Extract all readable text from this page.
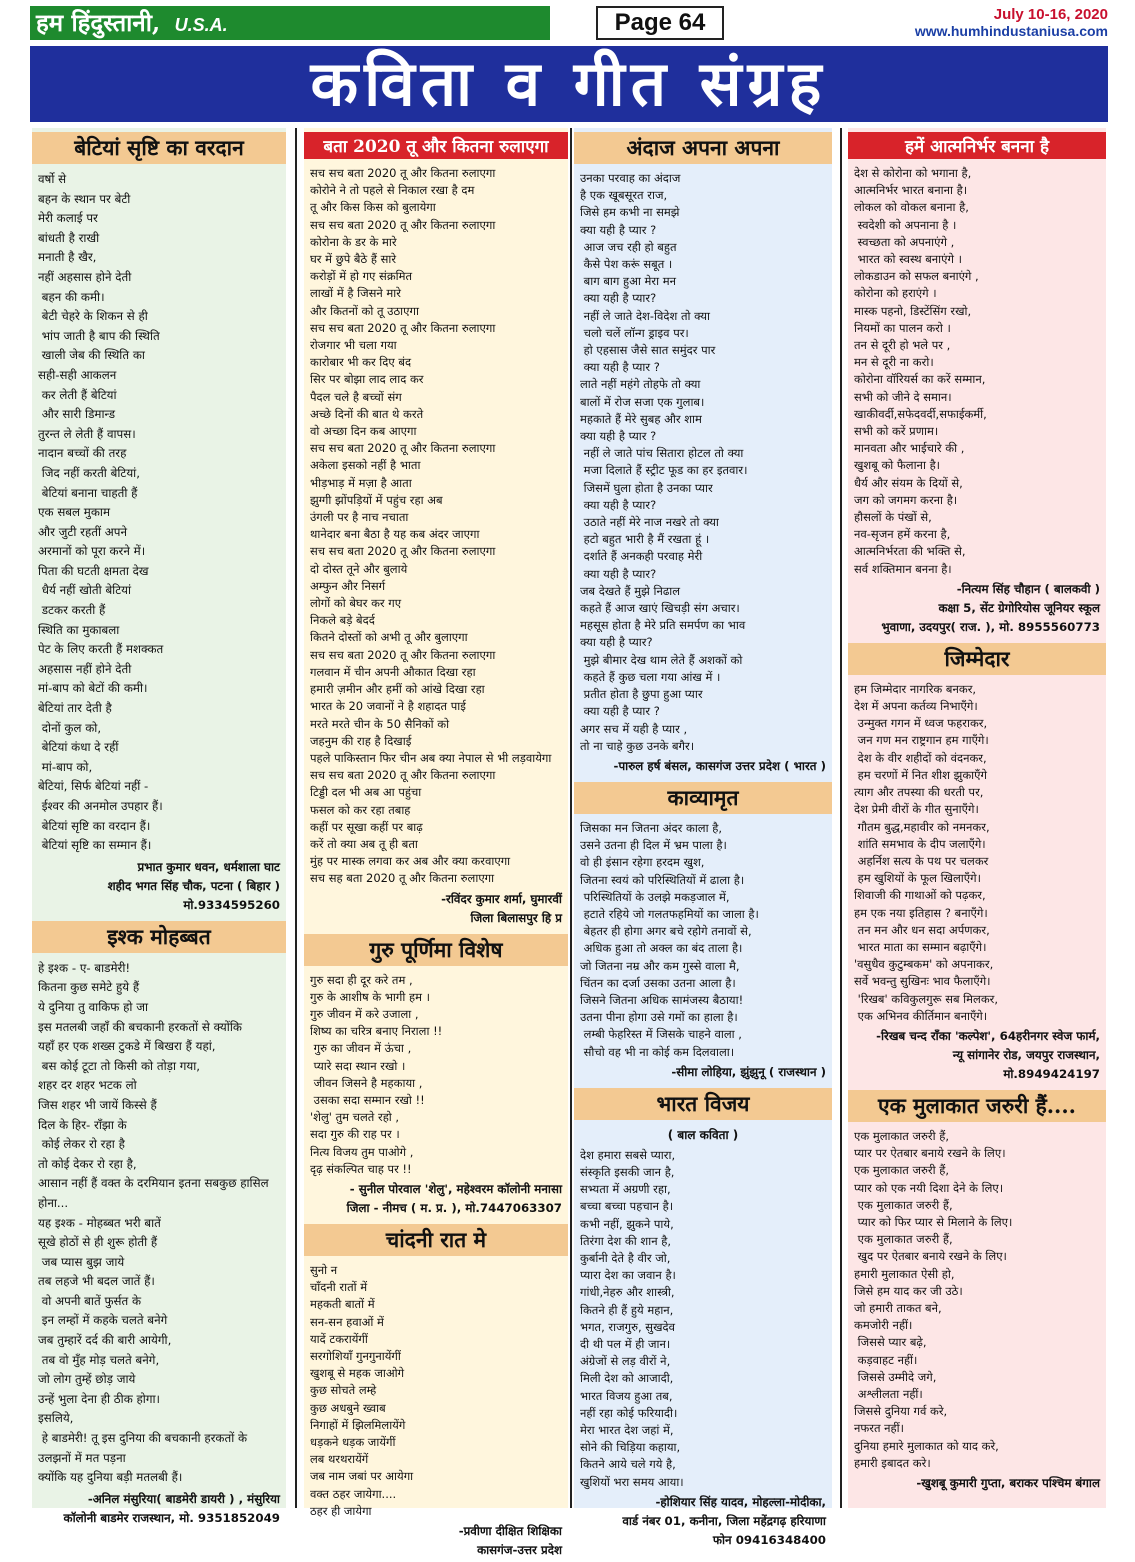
हम हिंदुस्तानी, U.S.A.	Page 64	July 10-16, 2020
www.humhindustaniusa.com
कविता व गीत संग्रह
बेटियां सृष्टि का वरदान
वर्षो से
बहन के स्थान पर बेटी
मेरी कलाई पर
बांधती है राखी
मनाती है खैर,
नहीं अहसास होने देती
बहन की कमी।
बेटी चेहरे के शिकन से ही
भांप जाती है बाप की स्थिति
खाली जेब की स्थिति का
सही-सही आकलन
कर लेती हैं बेटियां
और सारी डिमान्ड
तुरन्त ले लेती हैं वापस।
नादान बच्चों की तरह
जिद नहीं करती बेटियां,
बेटियां बनाना चाहती हैं
एक सबल मुकाम
और जुटी रहतीं अपने
अरमानों को पूरा करने में।
पिता की घटती क्षमता देख
धैर्य नहीं खोती बेटियां
डटकर करती हैं
स्थिति का मुकाबला
पेट के लिए करती हैं मशक्कत
अहसास नहीं होने देती
मां-बाप को बेटों की कमी।
बेटियां तार देती है
दोनों कुल को,
बेटियां कंधा दे रहीं
मां-बाप को,
बेटियां, सिर्फ बेटियां नहीं -
ईश्वर की अनमोल उपहार हैं।
बेटियां सृष्टि का वरदान हैं।
बेटियां सृष्टि का सम्मान हैं।
प्रभात कुमार धवन, धर्मशाला घाट
शहीद भगत सिंह चौक, पटना ( बिहार )
मो.9334595260
इश्क मोहब्बत
हे इश्क - ए- बाडमेरी!
कितना कुछ समेटे हुये हैं
ये दुनिया तु वाकिफ हो जा
इस मतलबी जहाँ की बचकानी हरकतों से क्योंकि
यहाँ हर एक शख्स टुकडे में बिखरा हैं यहां,
बस कोई टूटा तो किसी को तोड़ा गया,
शहर दर शहर भटक लो
जिस शहर भी जायें किस्से हैं
दिल के हिर- राँझा के
कोई लेकर रो रहा है
तो कोई देकर रो रहा है,
आसान नहीं हैं वक्त के दरमियान इतना सबकुछ हासिल होना...
यह इश्क - मोहब्बत भरी बातें
सूखे होठों से ही शुरू होती हैं
जब प्यास बुझ जाये
तब लहजे भी बदल जातें हैं।
वो अपनी बातें फुर्सत के
इन लम्हों में कहके चलते बनेगे
जब तुम्हारें दर्द की बारी आयेगी,
तब वो मुँह मोड़ चलते बनेगे,
जो लोग तुम्हें छोड़ जाये
उन्हें भुला देना ही ठीक होगा।
इसलिये,
हे बाडमेरी! तू इस दुनिया की बचकानी हरकतों के
उलझनों में मत पड़ना
क्योंकि यह दुनिया बड़ी मतलबी हैं।
-अनिल मंसुरिया( बाडमेरी डायरी ) , मंसुरिया
कॉलोनी बाडमेर राजस्थान, मो. 9351852049
बता 2020 तू और कितना रुलाएगा
सच सच बता 2020 तू और कितना रुलाएगा
कोरोने ने तो पहले से निकाल रखा है दम
तू और किस किस को बुलायेगा
सच सच बता 2020 तू और कितना रुलाएगा
कोरोना के डर के मारे
घर में छुपे बैठे हैं सारे
करोड़ों में हो गए संक्रमित
लाखों में है जिसने मारे
और कितनों को तू उठाएगा
सच सच बता 2020 तू और कितना रुलाएगा
रोजगार भी चला गया
कारोबार भी कर दिए बंद
सिर पर बोझा लाद लाद कर
पैदल चले है बच्चों संग
अच्छे दिनों की बात थे करते
वो अच्छा दिन कब आएगा
सच सच बता 2020 तू और कितना रुलाएगा
अकेला इसको नहीं है भाता
भीड़भाड़ में मज़ा है आता
झुग्गी झोंपड़ियों में पहुंच रहा अब
उंगली पर है नाच नचाता
थानेदार बना बैठा है यह कब अंदर जाएगा
सच सच बता 2020 तू और कितना रुलाएगा
दो दोस्त तूने और बुलाये
अम्फुन और निसर्ग
लोगों को बेघर कर गए
निकले बड़े बेदर्द
कितने दोस्तों को अभी तू और बुलाएगा
सच सच बता 2020 तू और कितना रुलाएगा
गलवान में चीन अपनी औकात दिखा रहा
हमारी ज़मीन और हमीं को आंखे दिखा रहा
भारत के 20 जवानों ने है शहादत पाई
मरते मरते चीन के 50 सैनिकों को
जहनुम की राह है दिखाई
पहले पाकिस्तान फिर चीन अब क्या नेपाल से भी लड़वायेगा
सच सच बता 2020 तू और कितना रुलाएगा
टिड्डी दल भी अब आ पहुंचा
फसल को कर रहा तबाह
कहीं पर सूखा कहीं पर बाढ़
करें तो क्या अब तू ही बता
मुंह पर मास्क लगवा कर अब और क्या करवाएगा
सच सह बता 2020 तू और कितना रुलाएगा
-रविंदर कुमार शर्मा, घुमारवीं
जिला बिलासपुर हि प्र
गुरु पूर्णिमा विशेष
गुरु सदा ही दूर करे तम ,
गुरु के आशीष के भागी हम ।
गुरु जीवन में करे उजाला ,
शिष्य का चरित्र बनाए निराला !!
गुरु का जीवन में ऊंचा ,
प्यारे सदा स्थान रखो ।
जीवन जिसने है महकाया ,
उसका सदा सम्मान रखो !!
'शेलु' तुम चलते रहो ,
सदा गुरु की राह पर ।
नित्य विजय तुम पाओगे ,
दृढ़ संकल्पित चाह पर !!
- सुनील पोरवाल 'शेलु', महेश्वरम कॉलोनी मनासा
जिला - नीमच ( म. प्र. ), मो.7447063307
चांदनी रात मे
सुनो न
चाँदनी रातों में
महकती बातों में
सन-सन हवाओं में
यादें टकरायेंगीं
सरगोशियाँ गुनगुनायेंगीं
खुशबू से महक जाओगे
कुछ सोचते लम्हे
कुछ अधबुने ख्वाब
निगाहों में झिलमिलायेंगे
धड़कने धड़क जायेंगीं
लब थरथरायेंगें
जब नाम जबां पर आयेगा
वक्त ठहर जायेगा....
ठहर ही जायेगा
-प्रवीणा दीक्षित शिक्षिका
कासगंज-उत्तर प्रदेश
अंदाज अपना अपना
उनका परवाह का अंदाज
है एक खूबसूरत राज,
जिसे हम कभी ना समझे
क्या यही है प्यार ?
आज जच रही हो बहुत
कैसे पेश करूं सबूत ।
बाग बाग हुआ मेरा मन
क्या यही है प्यार?
नहीं ले जाते देश-विदेश तो क्या
चलो चलें लॉन्ग ड्राइव पर।
हो एहसास जैसे सात समुंदर पार
क्या यही है प्यार ?
लाते नहीं महंगे तोहफे तो क्या
बालों में रोज सजा एक गुलाब।
महकाते हैं मेरे सुबह और शाम
क्या यही है प्यार ?
नहीं ले जाते पांच सितारा होटल तो क्या
मजा दिलाते हैं स्ट्रीट फूड का हर इतवार।
जिसमें घुला होता है उनका प्यार
क्या यही है प्यार?
उठाते नहीं मेरे नाज नखरे तो क्या
हटो बहुत भारी है मैं रखता हूं ।
दर्शाते हैं अनकही परवाह मेरी
क्या यही है प्यार?
जब देखते हैं मुझे निढाल
कहते हैं आज खाएं खिचड़ी संग अचार।
महसूस होता है मेरे प्रति समर्पण का भाव
क्या यही है प्यार?
मुझे बीमार देख थाम लेते हैं अशकों को
कहते हैं कुछ चला गया आंख में ।
प्रतीत होता है छुपा हुआ प्यार
क्या यही है प्यार ?
अगर सच में यही है प्यार ,
तो ना चाहे कुछ उनके बगैर।
-पारुल हर्ष बंसल, कासगंज उत्तर प्रदेश ( भारत )
काव्यामृत
जिसका मन जितना अंदर काला है,
उसने उतना ही दिल में भ्रम पाला है।
वो ही इंसान रहेगा हरदम खुश,
जितना स्वयं को परिस्थितियों में ढाला है।
परिस्थितियों के उलझे मकड़जाल में,
हटाते रहिये जो गलतफहमियों का जाला है।
बेहतर ही होगा अगर बचे रहोगे तनावों से,
अधिक हुआ तो अक्ल का बंद ताला है।
जो जितना नम्र और कम गुस्से वाला मै,
चिंतन का दर्जा उसका उतना आला है।
जिसने जितना अधिक सामंजस्य बैठाया!
उतना पीना होगा उसे गमों का हाला है।
लम्बी फेहरिस्त में जिसके चाहने वाला ,
सौचो वह भी ना कोई कम दिलवाला।
-सीमा लोहिया, झुंझुनू ( राजस्थान )
भारत विजय
( बाल कविता )
देश हमारा सबसे प्यारा,
संस्कृति इसकी जान है,
सभ्यता में अग्रणी रहा,
बच्चा बच्चा पहचान है।
कभी नहीं, झुकने पाये,
तिरंगा देश की शान है,
कुर्बानी देते है वीर जो,
प्यारा देश का जवान है।
गांधी,नेहरु और शास्त्री,
कितने ही हैं हुये महान,
भगत, राजगुरु, सुखदेव
दी थी पल में ही जान।
अंग्रेजों से लड़ वीरों ने,
मिली देश को आजादी,
भारत विजय हुआ तब,
नहीं रहा कोई फरियादी।
मेरा भारत देश जहां में,
सोने की चिड़िया कहाया,
कितने आये चले गये है,
खुशियों भरा समय आया।
-होशियार सिंह यादव, मोहल्ला-मोदीका,
वार्ड नंबर 01, कनीना, जिला महेंद्रगढ़ हरियाणा
फोन 09416348400
हमें आत्मनिर्भर बनना है
देश से कोरोना को भगाना है,
आत्मनिर्भर भारत बनाना है।
लोकल को वोकल बनाना है,
स्वदेशी को अपनाना है ।
स्वच्छता को अपनाएंगे ,
भारत को स्वस्थ बनाएंगे ।
लोकडाउन को सफल बनाएंगे ,
कोरोना को हराएंगे ।
मास्क पहनो, डिस्टेंसिंग रखो,
नियमों का पालन करो ।
तन से दूरी हो भले पर ,
मन से दूरी ना करो।
कोरोना वॉरियर्स का करें सम्मान,
सभी को जीने दे समान।
खाकीवर्दी,सफेदवर्दी,सफाईकर्मी,
सभी को करें प्रणाम।
मानवता और भाईचारे की ,
खुशबू को फैलाना है।
धैर्य और संयम के दियों से,
जग को जगमग करना है।
हौसलों के पंखों से,
नव-सृजन हमें करना है,
आत्मनिर्भरता की भक्ति से,
सर्व शक्तिमान बनना है।
-नित्यम सिंह चौहान ( बालकवी )
कक्षा 5, सेंट ग्रेगोरियोस जूनियर स्कूल
भुवाणा, उदयपुर( राज. ), मो. 8955560773
जिम्मेदार
हम जिम्मेदार नागरिक बनकर,
देश में अपना कर्तव्य निभाएँगे।
उन्मुक्त गगन में ध्वज फहराकर,
जन गण मन राष्ट्रगान हम गाएँगे।
देश के वीर शहीदों को वंदनकर,
हम चरणों में नित शीश झुकाएँगे
त्याग और तपस्या की धरती पर,
देश प्रेमी वीरों के गीत सुनाएँगे।
गौतम बुद्ध,महावीर को नमनकर,
शांति समभाव के दीप जलाएँगे।
अहर्निश सत्य के पथ पर चलकर
हम खुशियों के फूल खिलाएँगे।
शिवाजी की गाथाओं को पढ़कर,
हम एक नया इतिहास ? बनाएँगे।
तन मन और धन सदा अर्पणकर,
भारत माता का सम्मान बढ़ाएँगे।
'वसुधैव कुटुम्बकम' को अपनाकर,
सर्वे भवन्तु सुखिनः भाव फैलाएँगे।
'रिखब' कविकुलगुरू सब मिलकर,
एक अभिनव कीर्तिमान बनाएँगे।
-रिखब चन्द राँका 'कल्पेश', 64हरीनगर स्वेज फार्म,
न्यू सांगानेर रोड, जयपुर राजस्थान, मो.8949424197
एक मुलाकात जरुरी हैं....
एक मुलाकात जरुरी हैं,
प्यार पर ऐतबार बनाये रखने के लिए।
एक मुलाकात जरुरी हैं,
प्यार को एक नयी दिशा देने के लिए।
एक मुलाकात जरुरी हैं,
प्यार को फिर प्यार से मिलाने के लिए।
एक मुलाकात जरुरी हैं,
खुद पर ऐतबार बनाये रखने के लिए।
हमारी मुलाकात ऐसी हो,
जिसे हम याद कर जी उठे।
जो हमारी ताकत बने,
कमजोरी नहीं।
जिससे प्यार बढ़े,
कड़वाहट नहीं।
जिससे उम्मीदे जगे,
अश्लीलता नहीं।
जिससे दुनिया गर्व करे,
नफरत नहीं।
दुनिया हमारे मुलाकात को याद करे,
हमारी इबादत करे।
-खुशबू कुमारी गुप्ता, बराकर पश्चिम बंगाल
